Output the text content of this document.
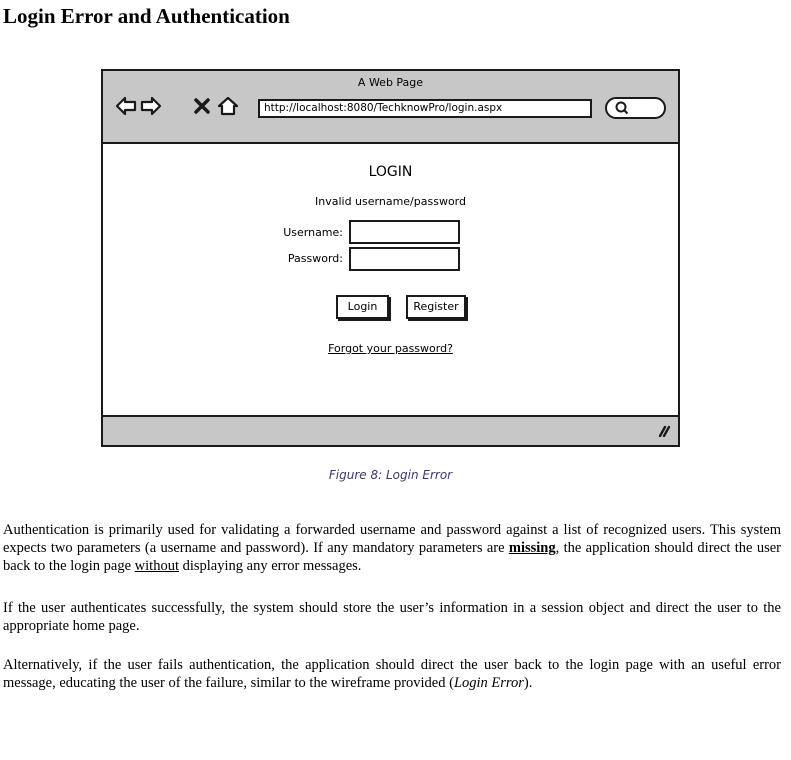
Login Error and Authentication
A Web Page
http://localhost:8080/TechknowPro/login.aspx
LOGIN
Invalid username/password
Username:
Password:
Login	Register
Forgot your password?
Figure 8: Login Error

Authentication is primarily used for validating a forwarded username and password against a list of recognized users. This system expects two parameters (a username and password). If any mandatory parameters are missing, the application should direct the user back to the login page without displaying any error messages.

If the user authenticates successfully, the system should store the user’s information in a session object and direct the user to the appropriate home page.

Alternatively, if the user fails authentication, the application should direct the user back to the login page with an useful error message, educating the user of the failure, similar to the wireframe provided (Login Error).
